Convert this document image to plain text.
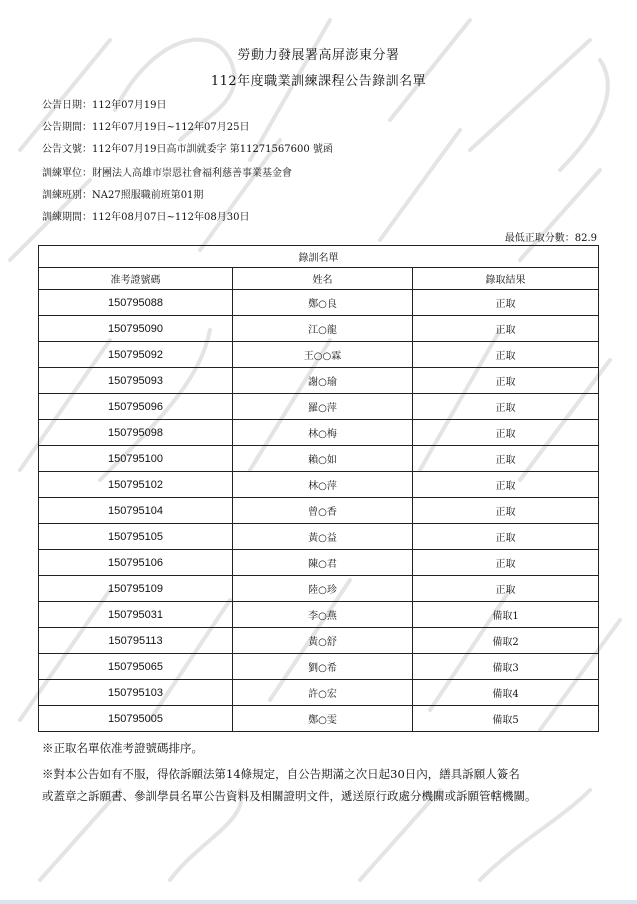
勞動力發展署高屏澎東分署
112年度職業訓練課程公告錄訓名單
公告日期：112年07月19日
公告期間：112年07月19日~112年07月25日
公告文號：112年07月19日高市訓就委字 第11271567600 號函
訓練單位：財團法人高雄市崇恩社會福利慈善事業基金會
訓練班別：NA27照服職前班第01期
訓練期間：112年08月07日~112年08月30日
最低正取分數：82.9
錄訓名單		
准考證號碼	姓名	錄取結果
150795088	鄭○良	正取
150795090	江○龍	正取
150795092	王○○霖	正取
150795093	謝○瑜	正取
150795096	羅○萍	正取
150795098	林○梅	正取
150795100	賴○如	正取
150795102	林○萍	正取
150795104	曾○香	正取
150795105	黃○益	正取
150795106	陳○君	正取
150795109	陸○珍	正取
150795031	李○燕	備取1
150795113	黃○舒	備取2
150795065	劉○希	備取3
150795103	許○宏	備取4
150795005	鄭○雯	備取5
※正取名單依准考證號碼排序。
※對本公告如有不服，得依訴願法第14條規定，自公告期滿之次日起30日內，繕具訴願人簽名
或蓋章之訴願書、參訓學員名單公告資料及相關證明文件，遞送原行政處分機關或訴願管轄機關。
